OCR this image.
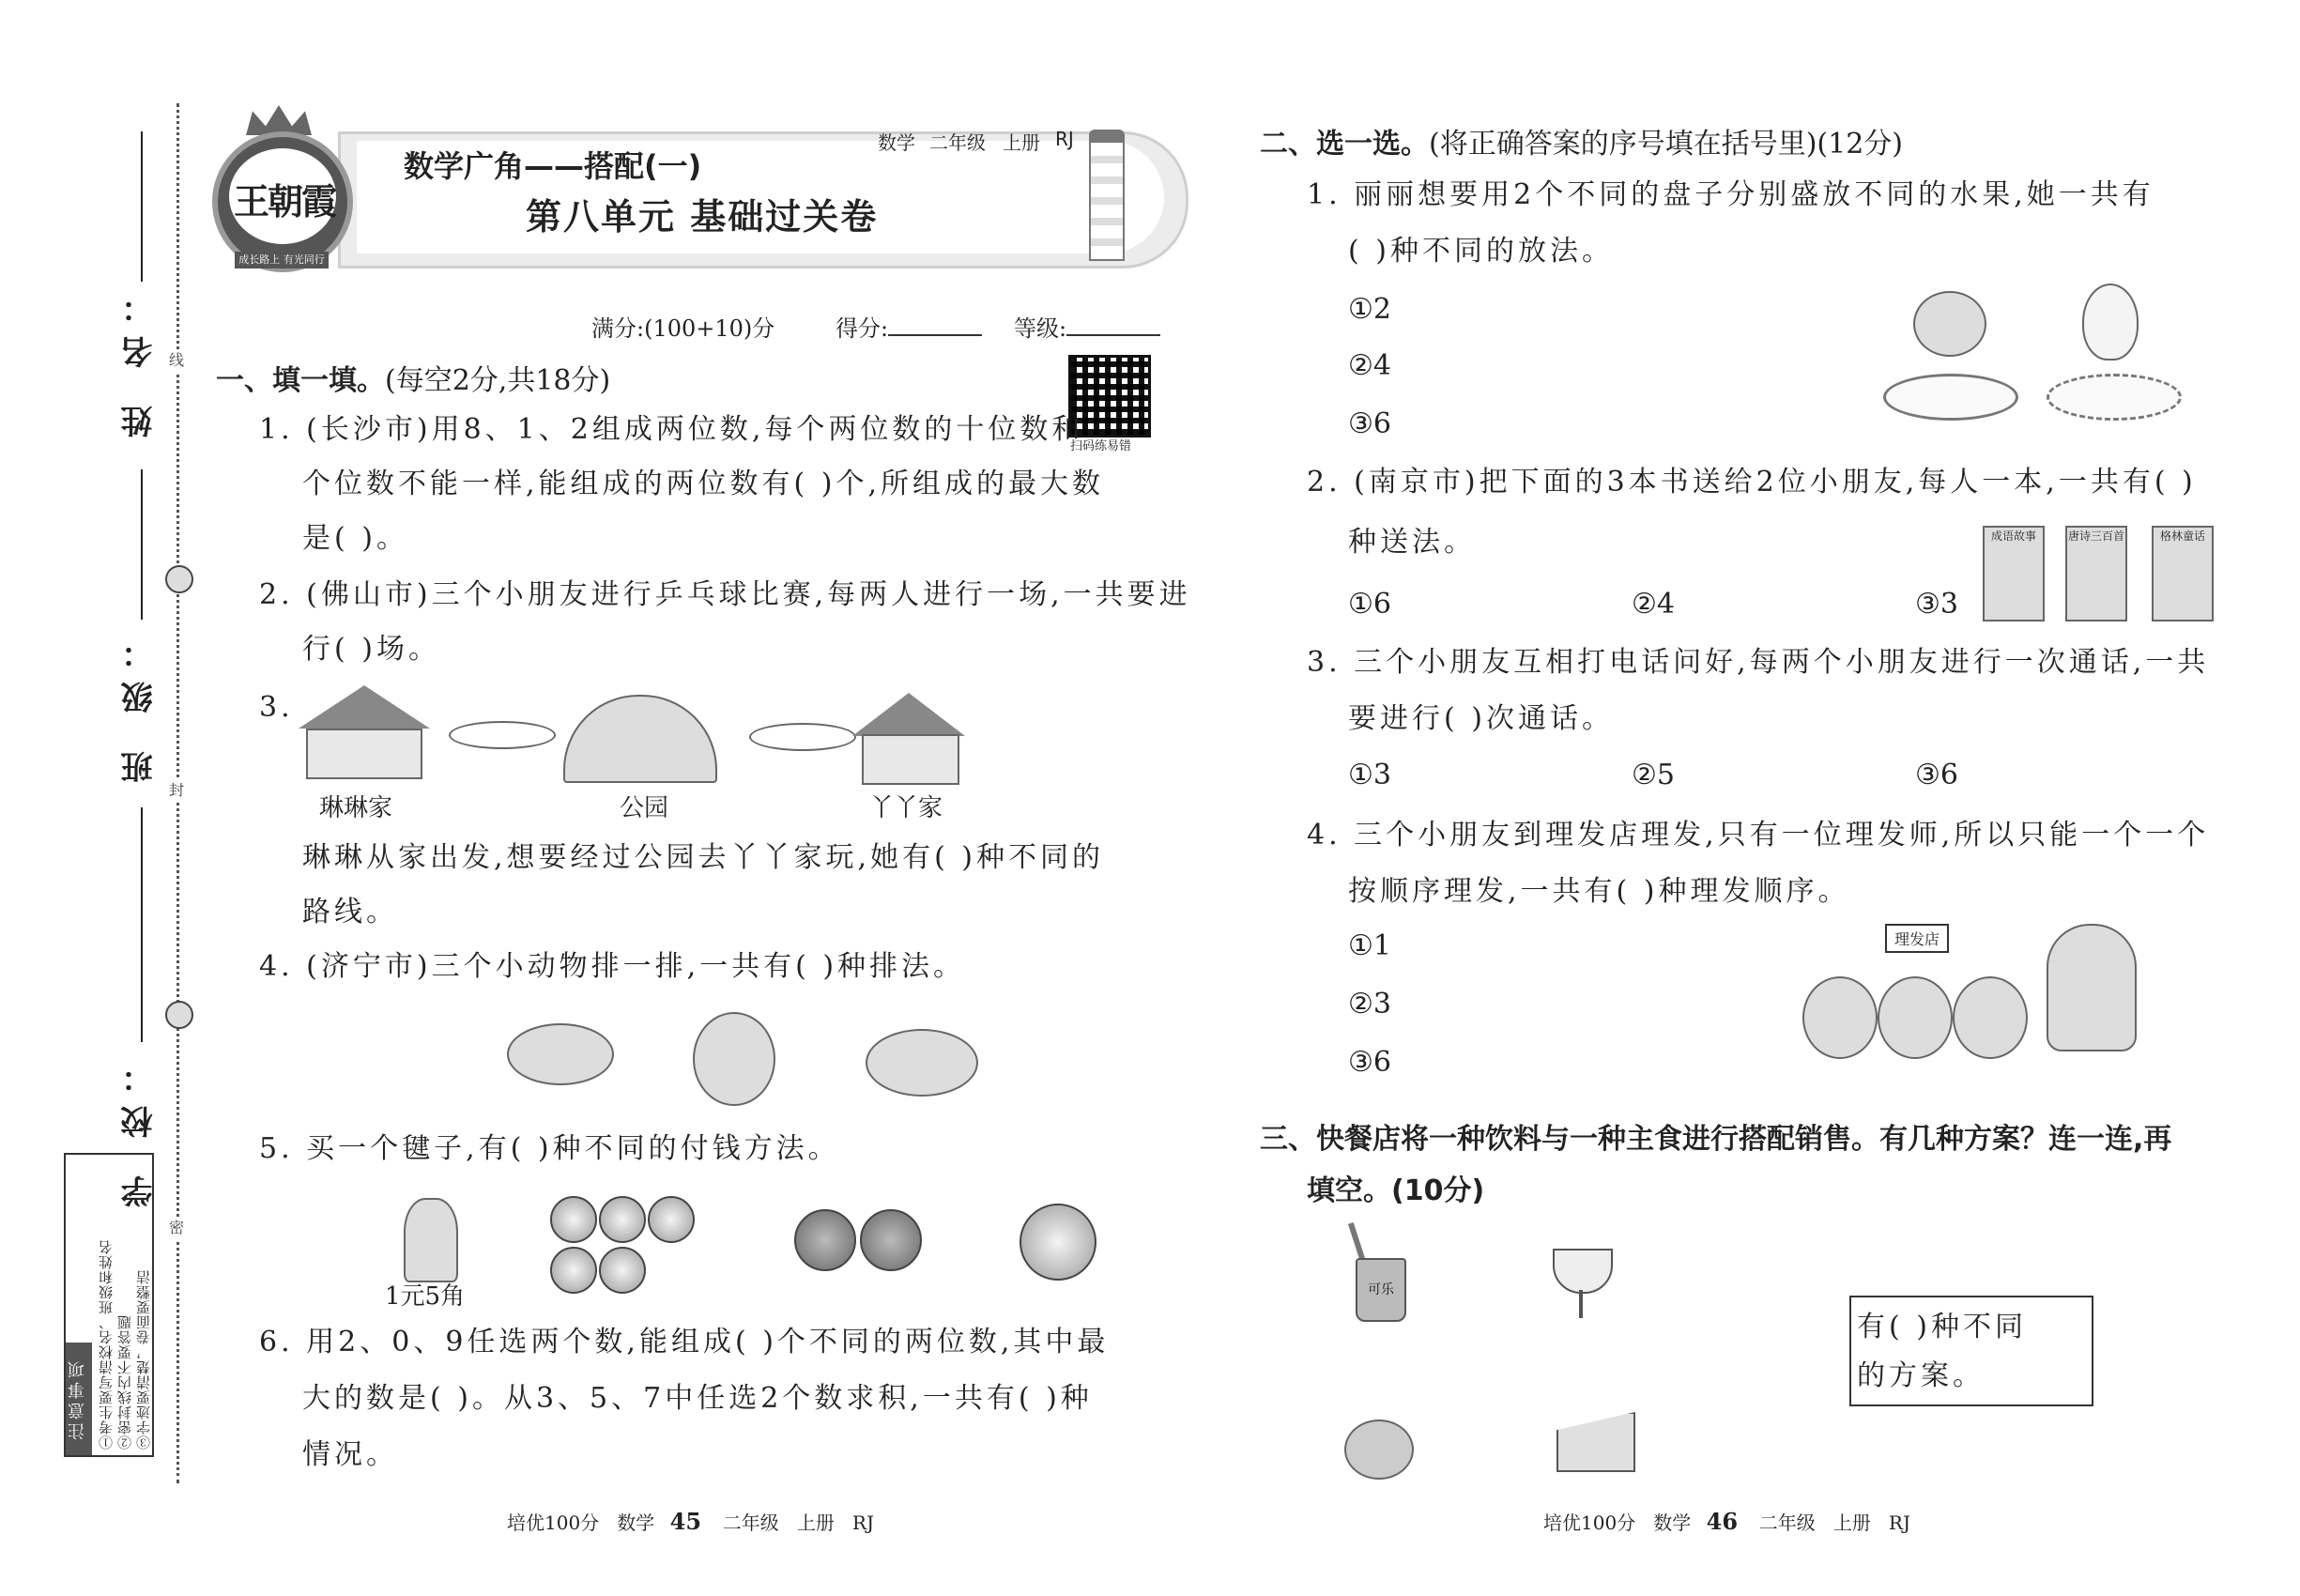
姓 名：
班 级：
学 校：
线
封
密
注意事项 ①考生要写清校名、班级和姓名 ②密封线内不要答题 ③字迹要清楚，卷面要整洁
王朝霞
成长路上 有光同行
数学广角——搭配(一)
数学 二年级 上册 RJ
第八单元 基础过关卷
满分:(100+10)分	得分:	等级:
一、填一填。(每空2分,共18分)
扫码练易错
1. (长沙市)用8、1、2组成两位数,每个两位数的十位数和
个位数不能一样,能组成的两位数有( )个,所组成的最大数
是( )。
2. (佛山市)三个小朋友进行乒乓球比赛,每两人进行一场,一共要进
行( )场。
3.
琳琳家	公园	丫丫家
琳琳从家出发,想要经过公园去丫丫家玩,她有( )种不同的
路线。
4. (济宁市)三个小动物排一排,一共有( )种排法。
5. 买一个毽子,有( )种不同的付钱方法。
1元5角
6. 用2、0、9任选两个数,能组成( )个不同的两位数,其中最
大的数是( )。从3、5、7中任选2个数求积,一共有( )种
情况。
培优100分 数学 45 二年级 上册 RJ
二、选一选。(将正确答案的序号填在括号里)(12分)
1. 丽丽想要用2个不同的盘子分别盛放不同的水果,她一共有
( )种不同的放法。
①2
②4
③6
2. (南京市)把下面的3本书送给2位小朋友,每人一本,一共有( )
种送法。
①6	②4	③3
成语故事	唐诗三百首	格林童话
3. 三个小朋友互相打电话问好,每两个小朋友进行一次通话,一共
要进行( )次通话。
①3	②5	③6
4. 三个小朋友到理发店理发,只有一位理发师,所以只能一个一个
按顺序理发,一共有( )种理发顺序。
①1
②3
③6
理发店
三、快餐店将一种饮料与一种主食进行搭配销售。有几种方案？连一连,再
填空。(10分)
可乐
有( )种不同
的方案。
培优100分 数学 46 二年级 上册 RJ
